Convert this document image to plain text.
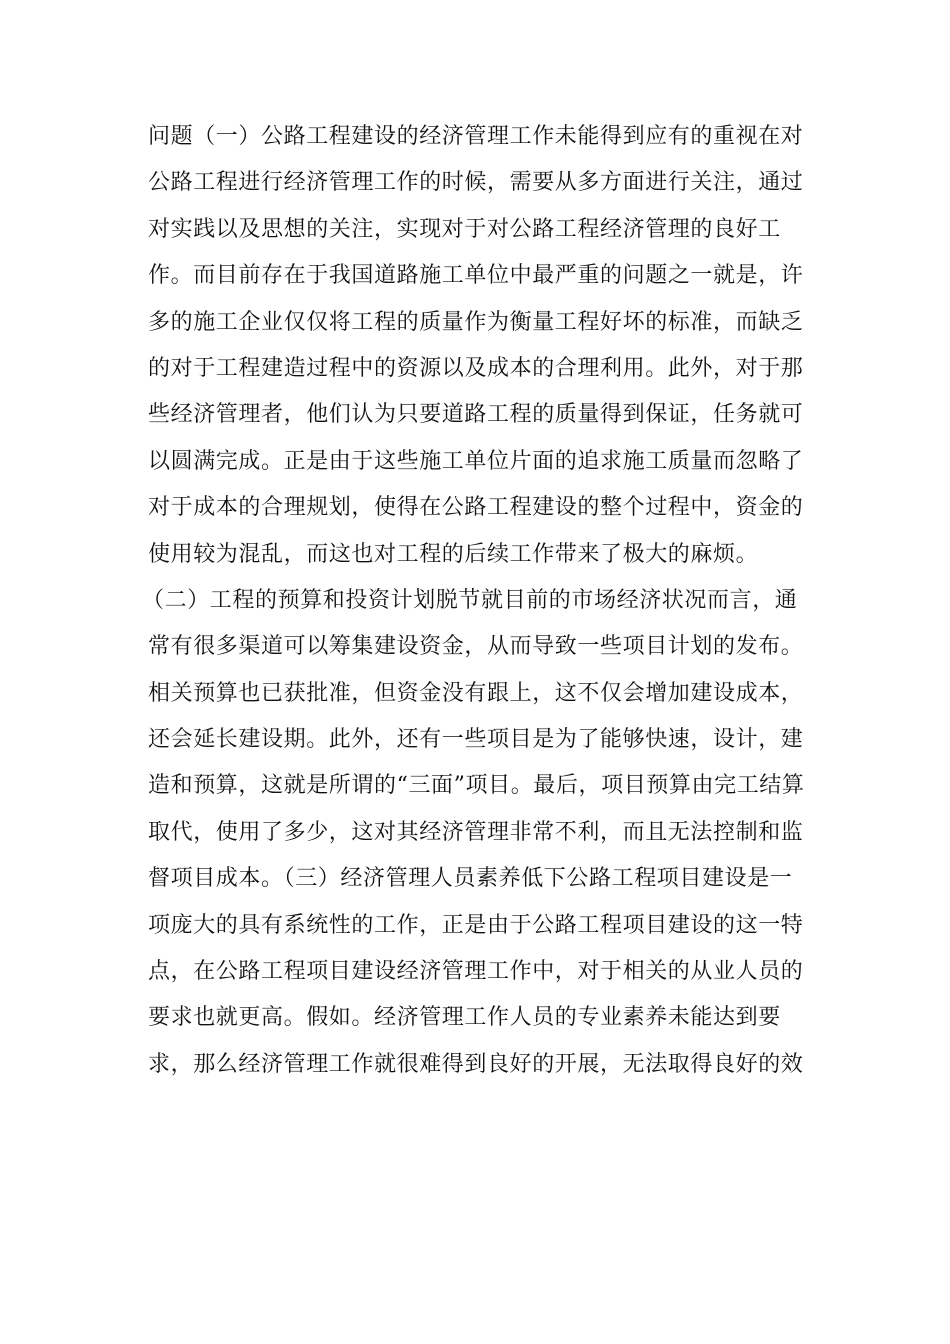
问题（一）公路工程建设的经济管理工作未能得到应有的重视在对
公路工程进行经济管理工作的时候，需要从多方面进行关注，通过
对实践以及思想的关注，实现对于对公路工程经济管理的良好工
作。而目前存在于我国道路施工单位中最严重的问题之一就是，许
多的施工企业仅仅将工程的质量作为衡量工程好坏的标准，而缺乏
的对于工程建造过程中的资源以及成本的合理利用。此外，对于那
些经济管理者，他们认为只要道路工程的质量得到保证，任务就可
以圆满完成。正是由于这些施工单位片面的追求施工质量而忽略了
对于成本的合理规划，使得在公路工程建设的整个过程中，资金的
使用较为混乱，而这也对工程的后续工作带来了极大的麻烦。
（二）工程的预算和投资计划脱节就目前的市场经济状况而言，通
常有很多渠道可以筹集建设资金，从而导致一些项目计划的发布。
相关预算也已获批准，但资金没有跟上，这不仅会增加建设成本，
还会延长建设期。此外，还有一些项目是为了能够快速，设计，建
造和预算，这就是所谓的“三面”项目。最后，项目预算由完工结算
取代，使用了多少，这对其经济管理非常不利，而且无法控制和监
督项目成本。（三）经济管理人员素养低下公路工程项目建设是一
项庞大的具有系统性的工作，正是由于公路工程项目建设的这一特
点，在公路工程项目建设经济管理工作中，对于相关的从业人员的
要求也就更高。假如。经济管理工作人员的专业素养未能达到要
求，那么经济管理工作就很难得到良好的开展，无法取得良好的效
